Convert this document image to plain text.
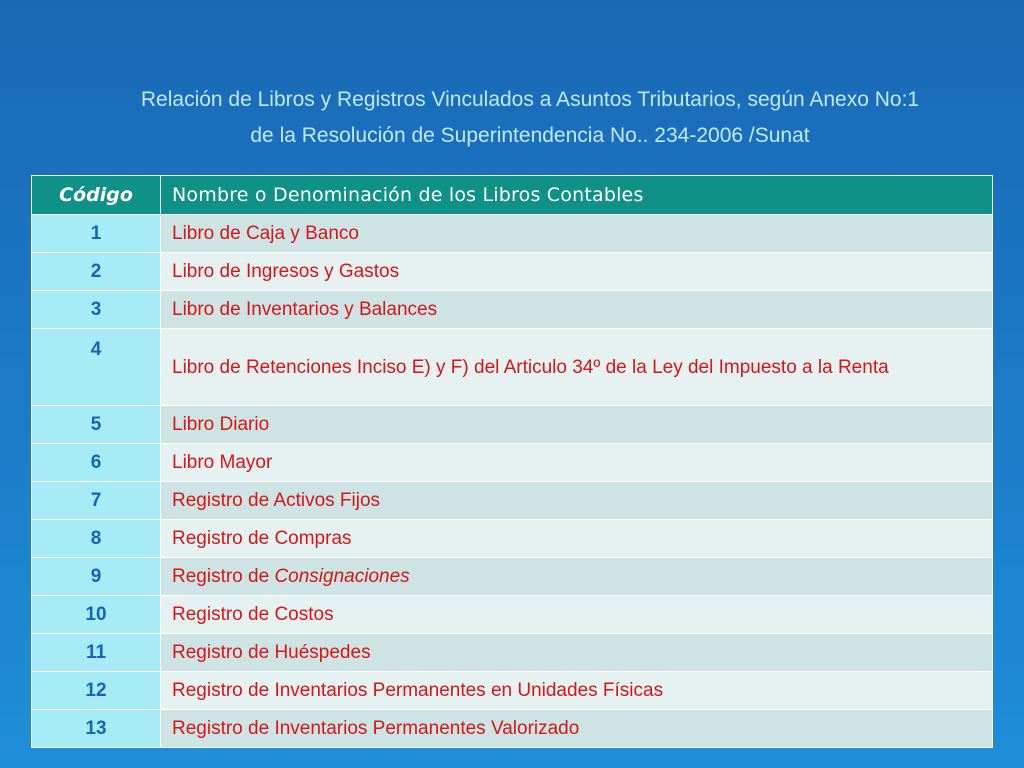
Relación de Libros y Registros Vinculados a Asuntos Tributarios, según Anexo No:1
de la Resolución de Superintendencia No.. 234-2006 /Sunat
Código	Nombre o Denominación de los Libros Contables
1	Libro de Caja y Banco
2	Libro de Ingresos y Gastos
3	Libro de Inventarios y Balances
4	Libro de Retenciones Inciso E) y F) del Articulo 34º de la Ley del Impuesto a la Renta
5	Libro Diario
6	Libro Mayor
7	Registro de Activos Fijos
8	Registro de Compras
9	Registro de Consignaciones
10	Registro de Costos
11	Registro de Huéspedes
12	Registro de Inventarios Permanentes en Unidades Físicas
13	Registro de Inventarios Permanentes Valorizado
